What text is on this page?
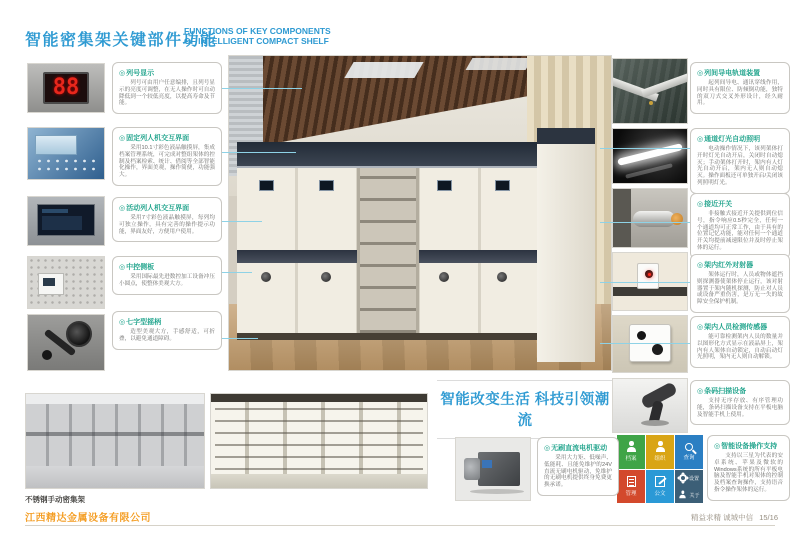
智能密集架关键部件功能
FUNCTIONS OF KEY COMPONENTS
OF INTELLIGENT COMPACT SHELF
88
◎列号显示

列号可由用户任意编排，且列号显示的亮度可调整，在无人操作时可自动降低到一个较低亮度，以提高寿命及节能。

◎固定列人机交互界面

采用10.1寸彩色液晶触摸屏，集成档案管理系统，可完成对整组架体的控制及档案检索、统计、借阅等全部智能化操作，界面美观，操作简便，功能强大。

◎活动列人机交互界面

采用7寸彩色液晶触摸屏，每列均可独立操作，具有完善的操作提示功能，界面友好，方便用户使用。

◎中控侧板

采用国际最先进数控加工设备冲压小圆点，使整体美观大方。

◎七字型摇柄

造型美观大方，手感舒适，可折叠，以避免通道障碍。

◎列间导电轨道装置

起列间导电、通讯穿线作用，同时具有限位、防倾倒功能，独特的双刀式交叉外形设计，经久耐用。

◎通道灯光自动照明

电动操作情况下，该列架体打开时灯光自动开启，关闭时自动熄灭；手动架体打开时，架内有人灯光自动开启，架内无人则自动熄灭。操作面板还可单独开启/关闭该列照明灯光。

◎接近开关

非接触式接近开关提供到位信号，指令响应0.5秒完全，任何一个通道均可正常工作，由于具有的位置记忆功能，能对任何一个通道开关均提前减速限位并及时停止架体的运行。

◎架内红外对射器

架体运行时，人员或物体遮挡则探测器使架体停止运行，该对射器置于架内随机探测，防止对人员或设备严重伤害，是万无一失的故障安全保护机制。

◎架内人员检测传感器

能可靠检测架内人员的数量并以图形化方式显示在液晶屏上，架内有人架体自动锁定，自动启动灯光照明，架内无人则自动解锁。

◎条码扫描设备

支持无序存放、有序管理功能，条码扫描设备支持在平板电脑及智能手机上使用。

智能改变生活 科技引领潮流
◎无刷直流电机驱动

采用大力矩、低噪声、低能耗、且能免维护的24V直流无刷电机驱动，免维护的无刷电机提供终身免费更换承诺。

档案	组织	查询
管理	公文
设置
关于
◎智能设备操作支持

支持以三星为代表的安卓系统、苹果及微软的Windows系统的所有平板电脑及智能手机对架体的控制及档案查询操作，支持语音指令操作架体的运行。

不锈钢手动密集架
江西精达金属设备有限公司	精益求精 诚城中信 15/16
